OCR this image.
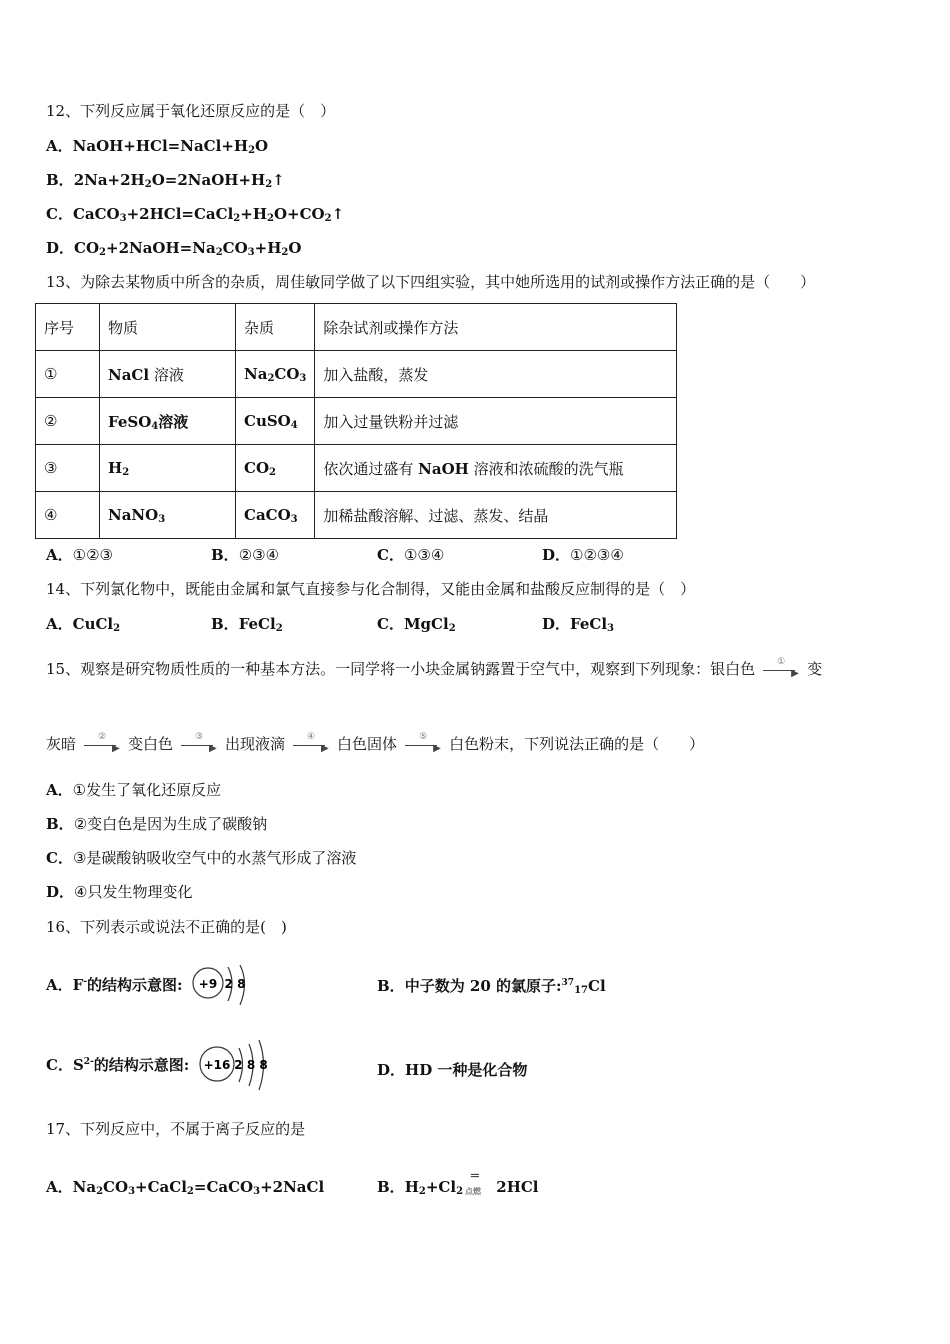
12、下列反应属于氧化还原反应的是（　）
A．$NaOH+HCl=NaCl+H_2O$
B．$2Na+2H_2O=2NaOH+H_2↑$
C．$CaCO_3+2HCl=CaCl_2+H_2O+CO_2↑$
D．$CO_2+2NaOH=Na_2CO_3+H_2O$
13、为除去某物质中所含的杂质，周佳敏同学做了以下四组实验，其中她所选用的试剂或操作方法正确的是（　　）
序号	物质	杂质	除杂试剂或操作方法
①	NaCl 溶液	$Na_2CO_3$	加入盐酸，蒸发
②	FeSO$_4$溶液	CuSO$_4$	加入过量铁粉并过滤
③	$H_2$	$CO_2$	依次通过盛有 NaOH 溶液和浓硫酸的洗气瓶
④	NaNO$_3$	CaCO$_3$	加稀盐酸溶解、过滤、蒸发、结晶
A．①②③	B．②③④	C．①③④	D．①②③④
14、下列氯化物中，既能由金属和氯气直接参与化合制得，又能由金属和盐酸反应制得的是（　）
A．CuCl$_2$	B．FeCl$_2$	C．MgCl$_2$	D．FeCl$_3$
15、观察是研究物质性质的一种基本方法。一同学将一小块金属钠露置于空气中，观察到下列现象：银白色 ①
▶ 变
灰暗 ②
▶ 变白色 ③
▶ 出现液滴 ④
▶ 白色固体 ⑤
▶ 白色粉末，下列说法正确的是（　　）
A．①发生了氧化还原反应
B．②变白色是因为生成了碳酸钠
C．③是碳酸钠吸收空气中的水蒸气形成了溶液
D．④只发生物理变化
16、下列表示或说法不正确的是(　)
A．F-的结构示意图: +9 2 8	B．中子数为 20 的氯原子:$^{37}_{17}$Cl
C．$S^{2-}$的结构示意图: +16 2 8 8	D．HD 一种是化合物
17、下列反应中，不属于离子反应的是
A．$Na_2CO_3+CaCl_2=CaCO_3+2NaCl$	B．$H_2+Cl_2$
═
点燃 2HCl
